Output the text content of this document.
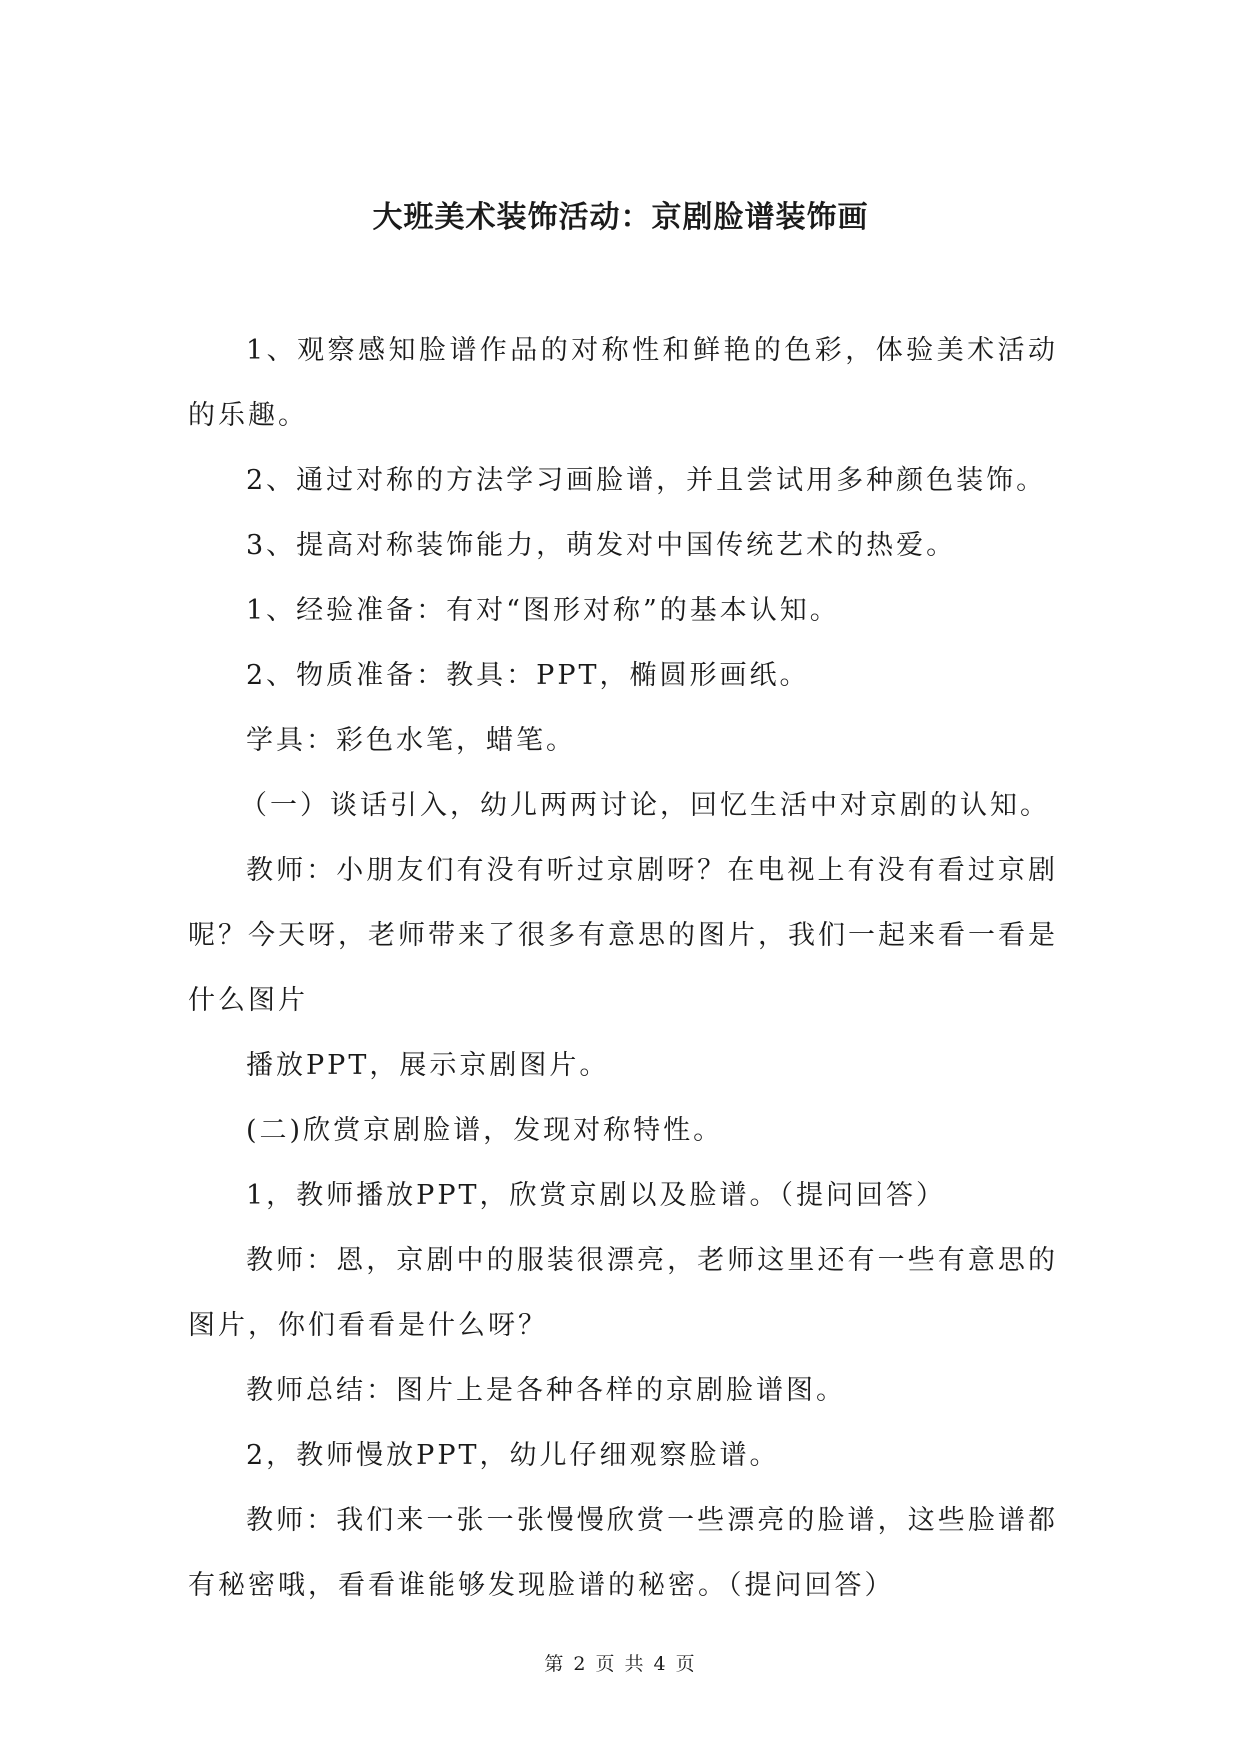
大班美术装饰活动：京剧脸谱装饰画

1、观察感知脸谱作品的对称性和鲜艳的色彩，体验美术活动的乐趣。

2、通过对称的方法学习画脸谱，并且尝试用多种颜色装饰。

3、提高对称装饰能力，萌发对中国传统艺术的热爱。

1、经验准备：有对“图形对称”的基本认知。

2、物质准备：教具：PPT，椭圆形画纸。

学具：彩色水笔，蜡笔。

（一）谈话引入，幼儿两两讨论，回忆生活中对京剧的认知。

教师：小朋友们有没有听过京剧呀？在电视上有没有看过京剧呢？今天呀，老师带来了很多有意思的图片，我们一起来看一看是什么图片

播放PPT，展示京剧图片。

(二)欣赏京剧脸谱，发现对称特性。

1，教师播放PPT，欣赏京剧以及脸谱。（提问回答）

教师：恩，京剧中的服装很漂亮，老师这里还有一些有意思的图片，你们看看是什么呀？

教师总结：图片上是各种各样的京剧脸谱图。

2，教师慢放PPT，幼儿仔细观察脸谱。

教师：我们来一张一张慢慢欣赏一些漂亮的脸谱，这些脸谱都有秘密哦，看看谁能够发现脸谱的秘密。（提问回答）

第 2 页 共 4 页
